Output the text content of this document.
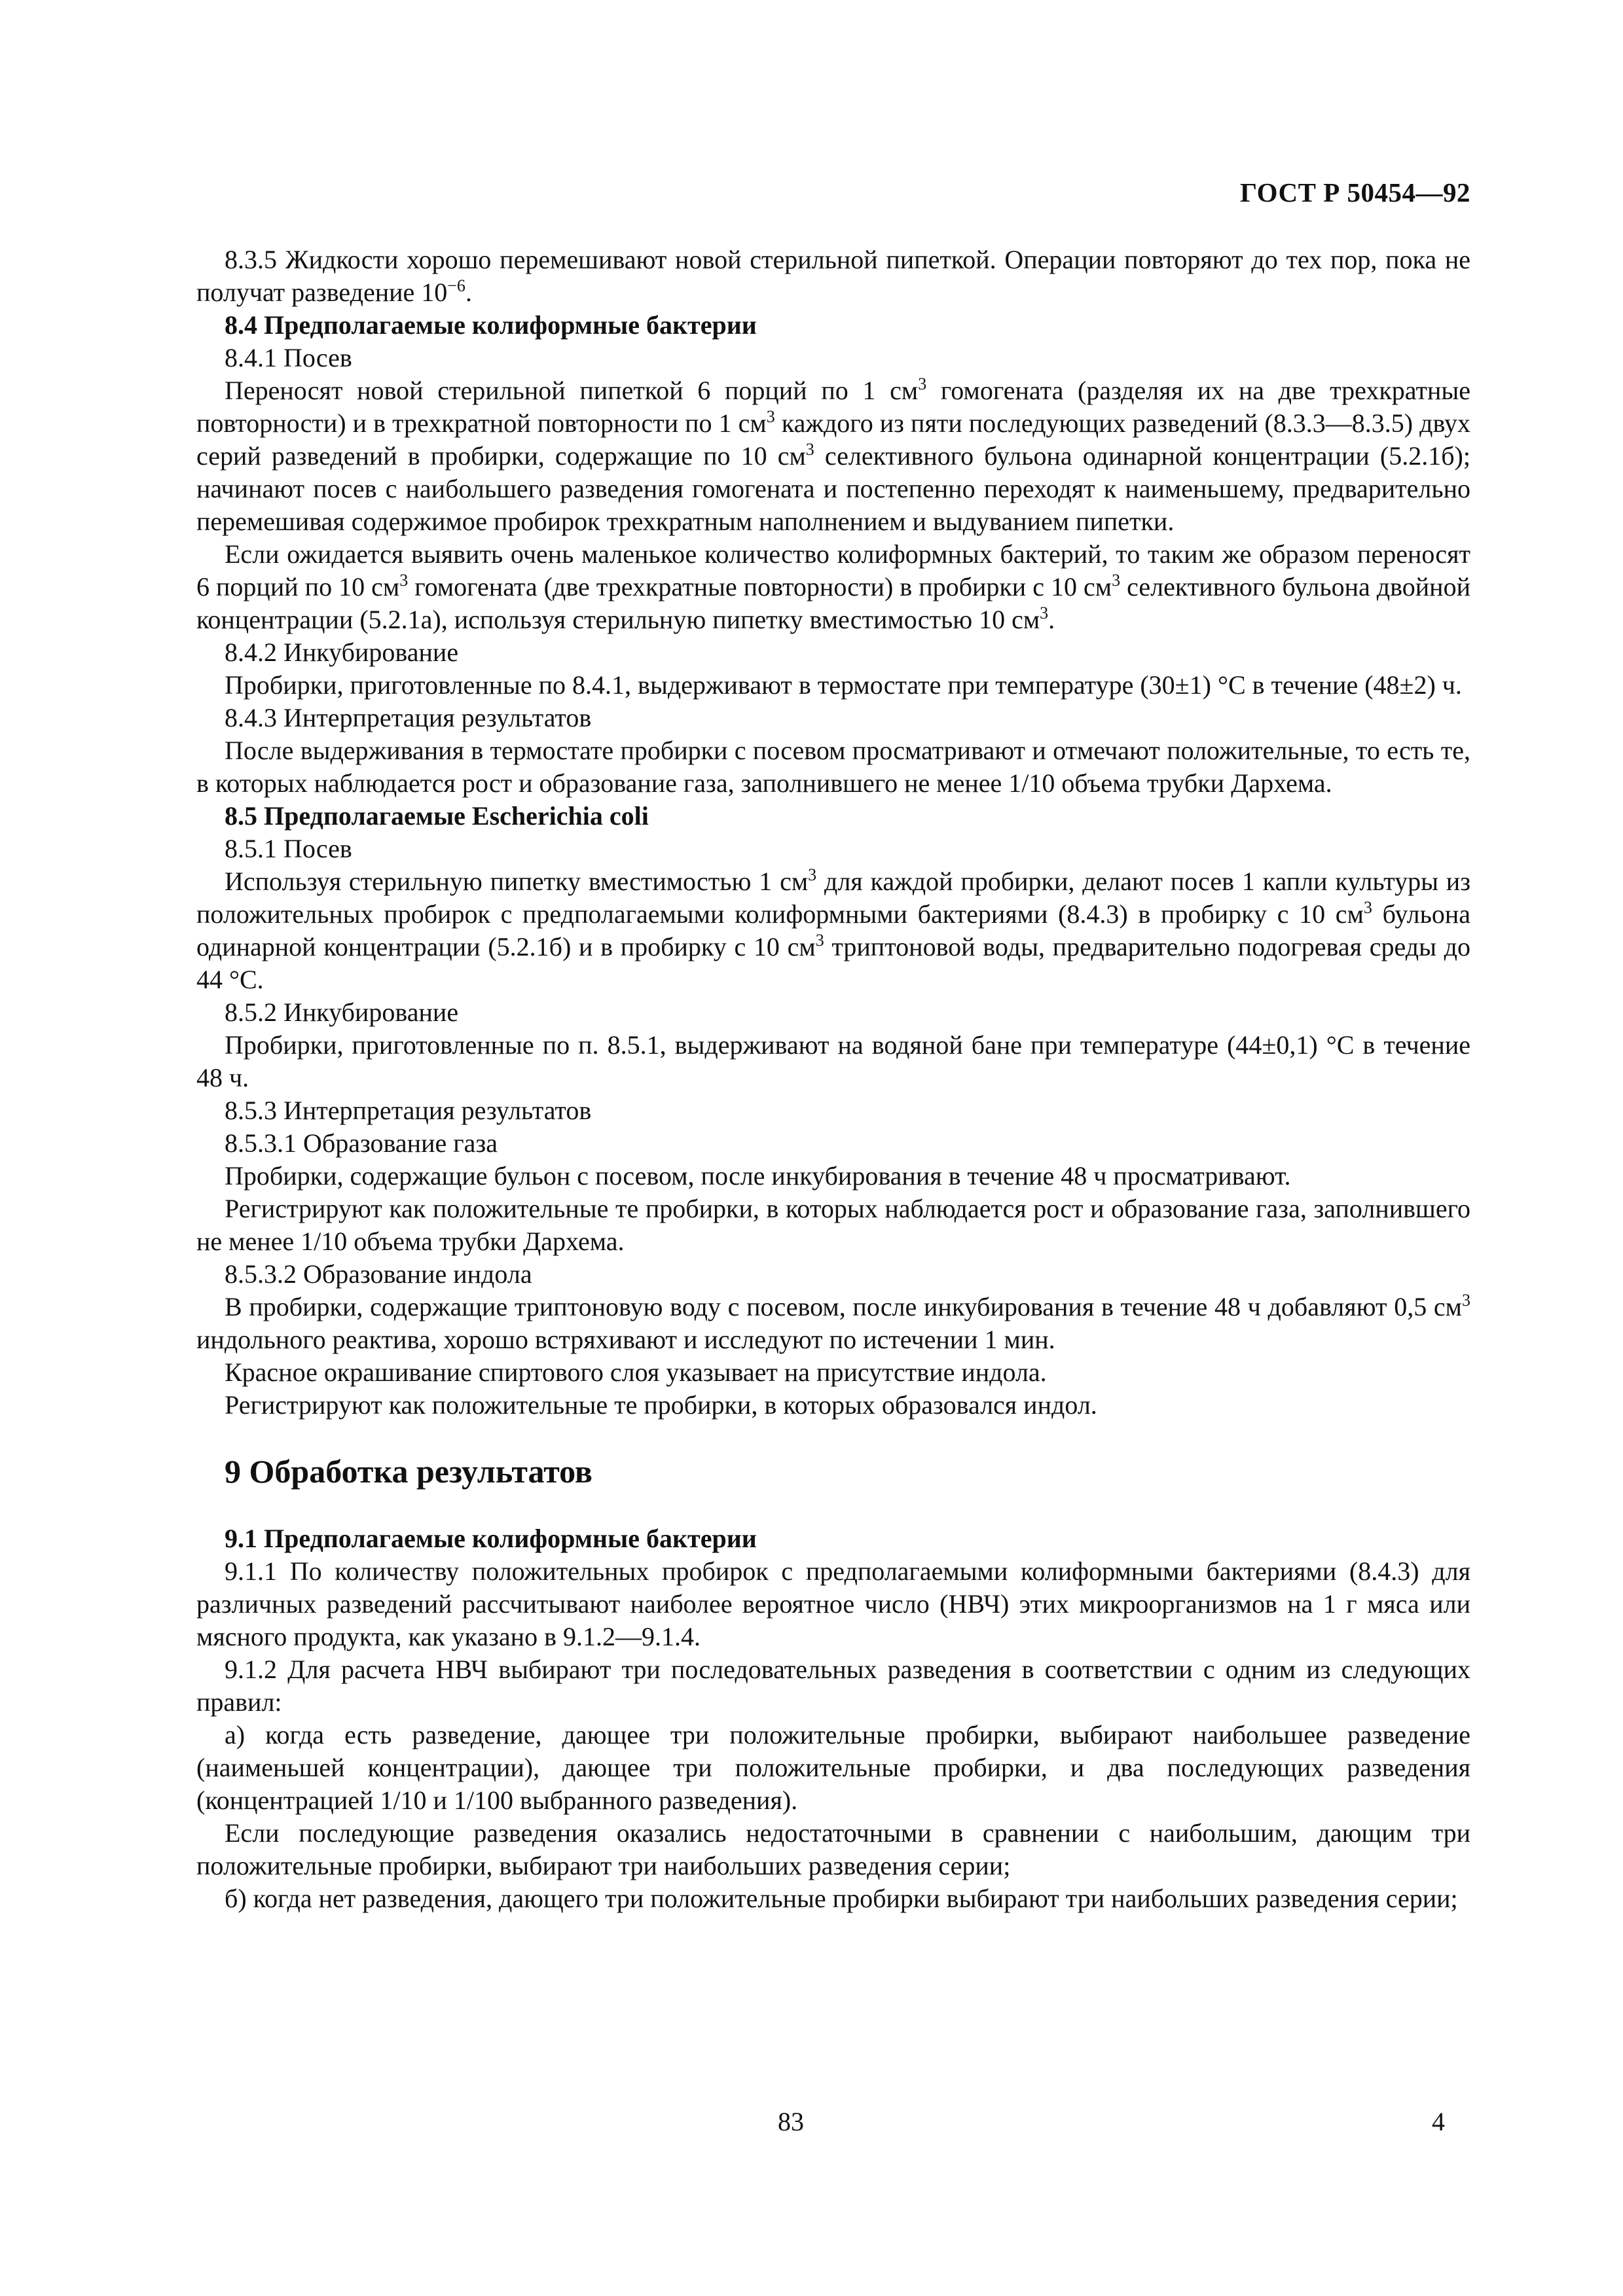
ГОСТ Р 50454—92

8.3.5 Жидкости хорошо перемешивают новой стерильной пипеткой. Операции повторяют до тех пор, пока не получат разведение $10^{-6}$.

8.4 Предполагаемые колиформные бактерии

8.4.1 Посев

Переносят новой стерильной пипеткой 6 порций по 1 $см^3$ гомогената (разделяя их на две трехкратные повторности) и в трехкратной повторности по 1 $см^3$ каждого из пяти последующих разведений (8.3.3—8.3.5) двух серий разведений в пробирки, содержащие по 10 $см^3$ селективного бульона одинарной концентрации (5.2.1б); начинают посев с наибольшего разведения гомогената и постепенно переходят к наименьшему, предварительно перемешивая содержимое пробирок трехкратным наполнением и выдуванием пипетки.

Если ожидается выявить очень маленькое количество колиформных бактерий, то таким же образом переносят 6 порций по 10 $см^3$ гомогената (две трехкратные повторности) в пробирки с 10 $см^3$ селективного бульона двойной концентрации (5.2.1а), используя стерильную пипетку вместимостью 10 $см^3$.

8.4.2 Инкубирование

Пробирки, приготовленные по 8.4.1, выдерживают в термостате при температуре (30±1) °С в течение (48±2) ч.

8.4.3 Интерпретация результатов

После выдерживания в термостате пробирки с посевом просматривают и отмечают положительные, то есть те, в которых наблюдается рост и образование газа, заполнившего не менее 1/10 объема трубки Дархема.

8.5 Предполагаемые Escherichia coli

8.5.1 Посев

Используя стерильную пипетку вместимостью 1 $см^3$ для каждой пробирки, делают посев 1 капли культуры из положительных пробирок с предполагаемыми колиформными бактериями (8.4.3) в пробирку с 10 $см^3$ бульона одинарной концентрации (5.2.1б) и в пробирку с 10 $см^3$ триптоновой воды, предварительно подогревая среды до 44 °С.

8.5.2 Инкубирование

Пробирки, приготовленные по п. 8.5.1, выдерживают на водяной бане при температуре (44±0,1) °С в течение 48 ч.

8.5.3 Интерпретация результатов

8.5.3.1 Образование газа

Пробирки, содержащие бульон с посевом, после инкубирования в течение 48 ч просматривают.

Регистрируют как положительные те пробирки, в которых наблюдается рост и образование газа, заполнившего не менее 1/10 объема трубки Дархема.

8.5.3.2 Образование индола

В пробирки, содержащие триптоновую воду с посевом, после инкубирования в течение 48 ч добавляют 0,5 $см^3$ индольного реактива, хорошо встряхивают и исследуют по истечении 1 мин.

Красное окрашивание спиртового слоя указывает на присутствие индола.

Регистрируют как положительные те пробирки, в которых образовался индол.

9 Обработка результатов

9.1 Предполагаемые колиформные бактерии

9.1.1 По количеству положительных пробирок с предполагаемыми колиформными бактериями (8.4.3) для различных разведений рассчитывают наиболее вероятное число (НВЧ) этих микроорганизмов на 1 г мяса или мясного продукта, как указано в 9.1.2—9.1.4.

9.1.2 Для расчета НВЧ выбирают три последовательных разведения в соответствии с одним из следующих правил:

а) когда есть разведение, дающее три положительные пробирки, выбирают наибольшее разведение (наименьшей концентрации), дающее три положительные пробирки, и два последующих разведения (концентрацией 1/10 и 1/100 выбранного разведения).

Если последующие разведения оказались недостаточными в сравнении с наибольшим, дающим три положительные пробирки, выбирают три наибольших разведения серии;

б) когда нет разведения, дающего три положительные пробирки выбирают три наибольших разведения серии;

83	4
